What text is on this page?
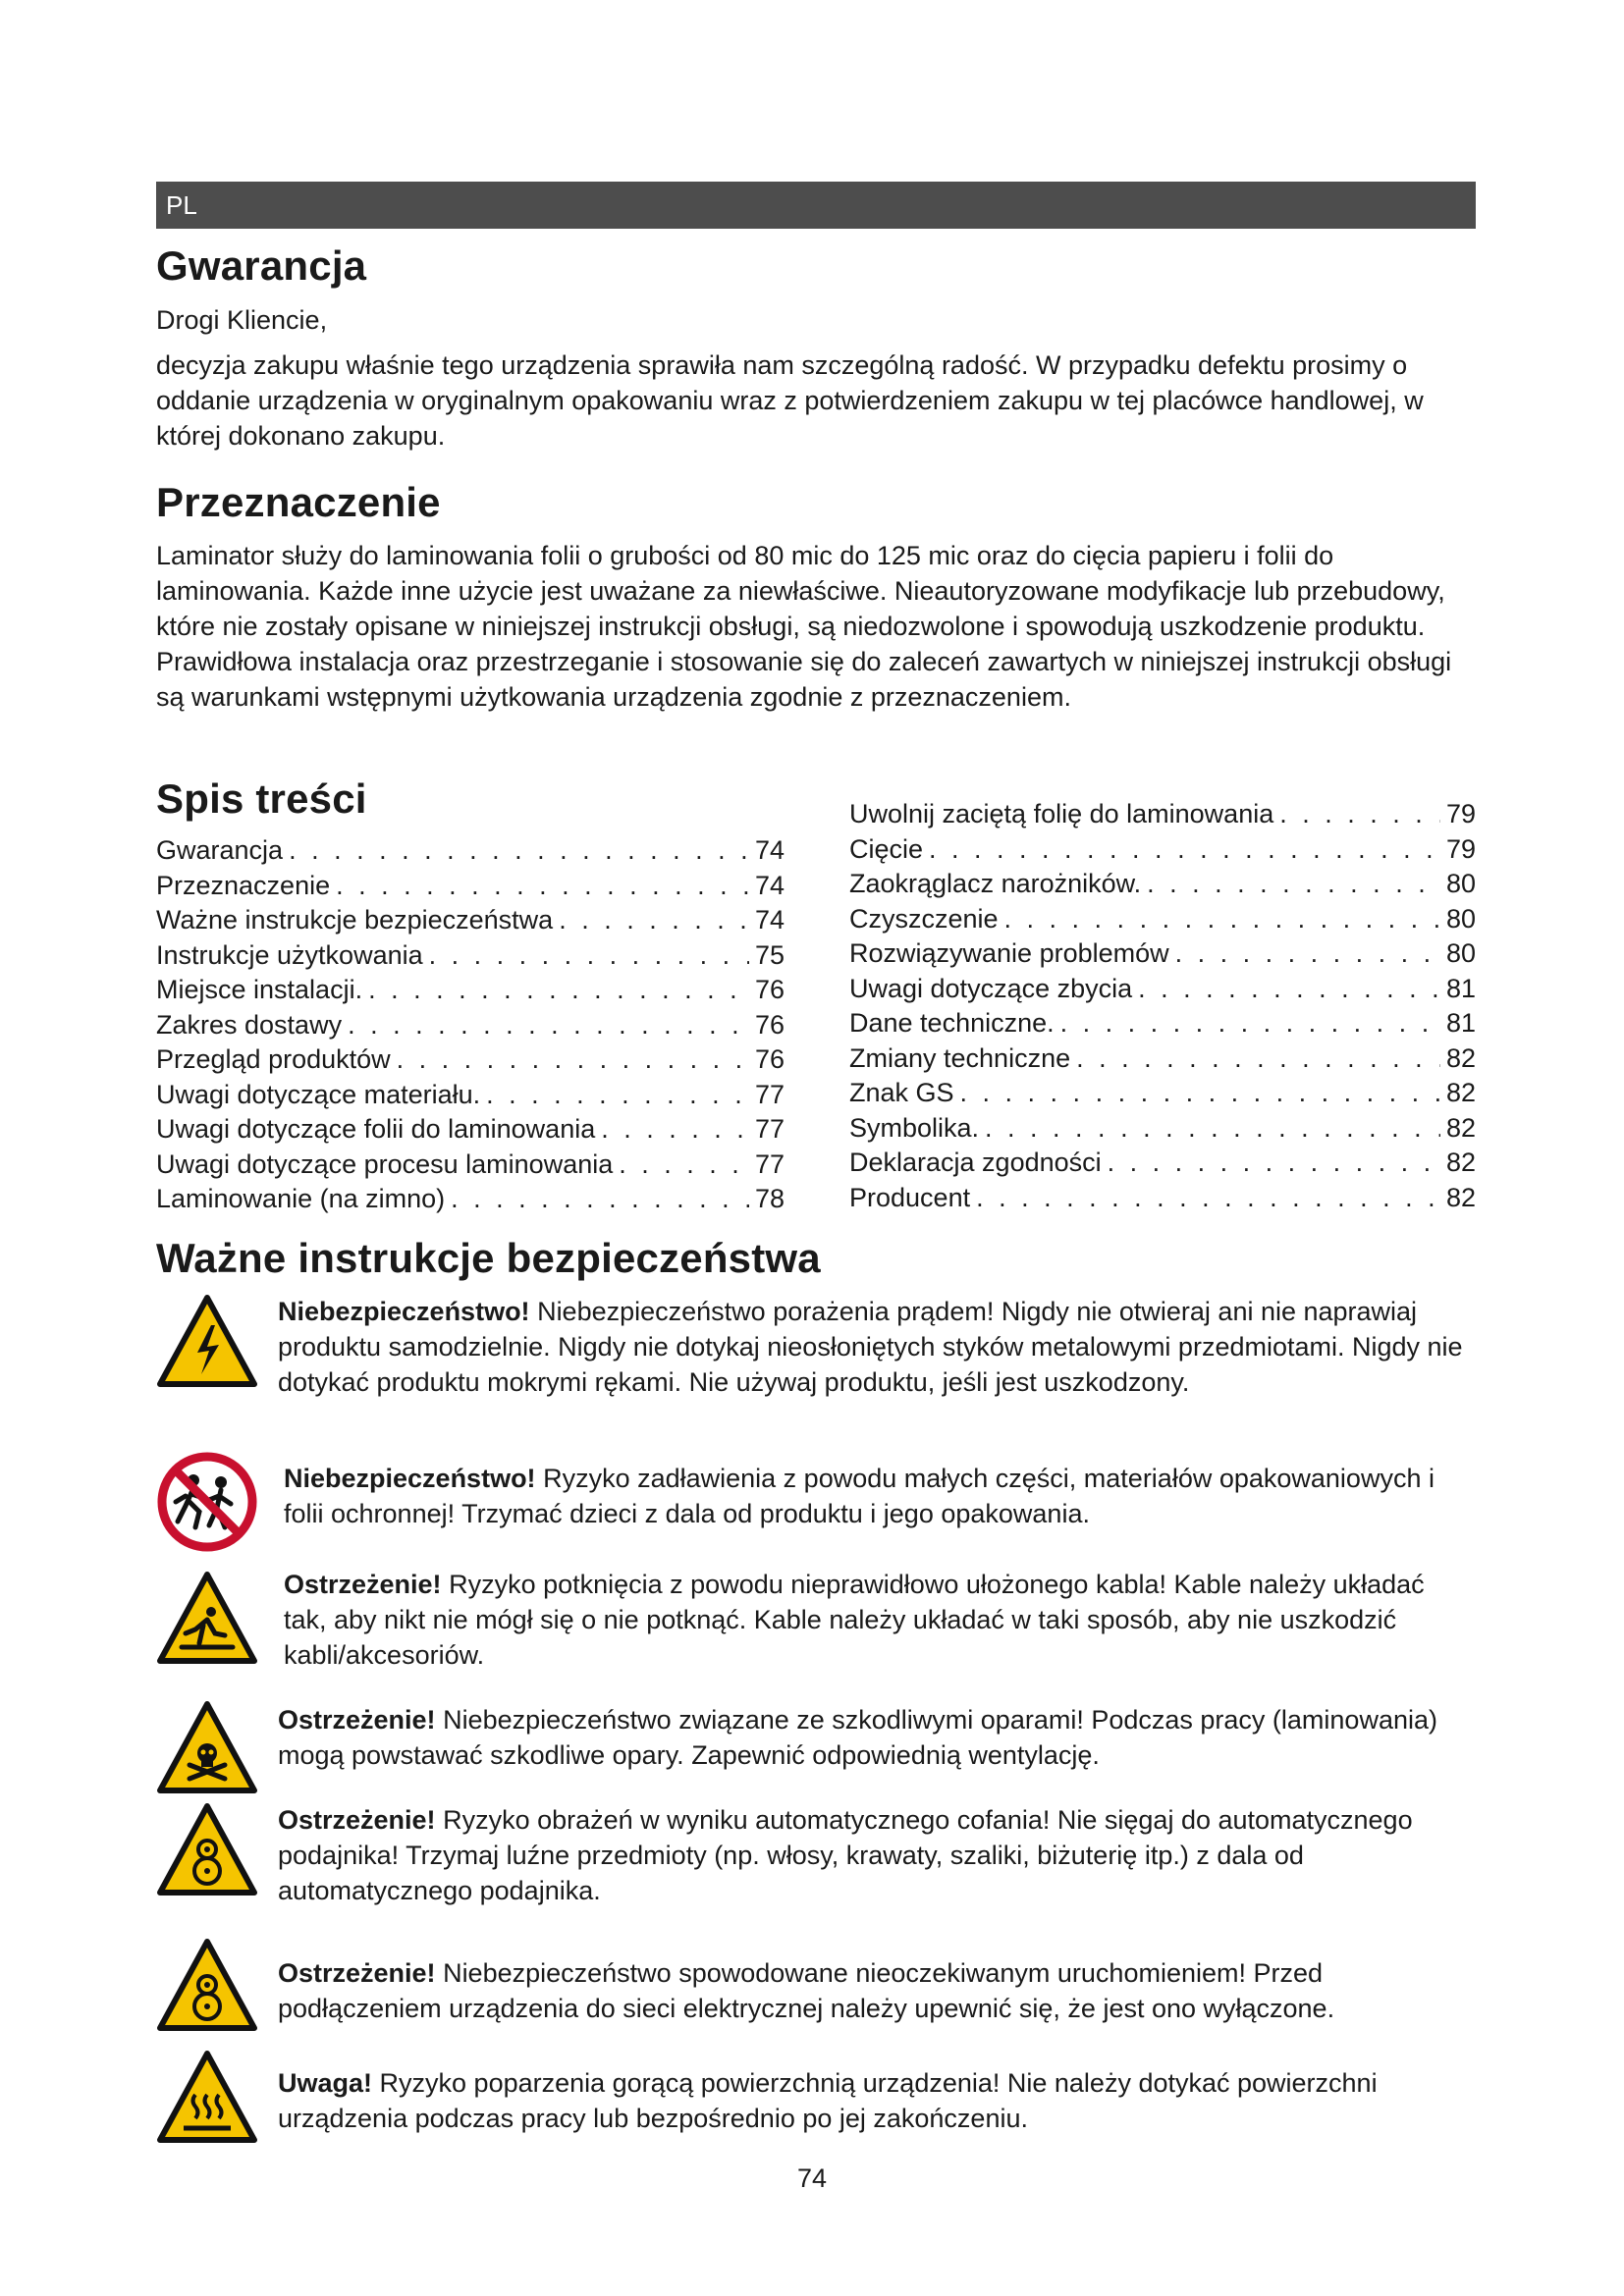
PL
Gwarancja

Drogi Kliencie,

decyzja zakupu właśnie tego urządzenia sprawiła nam szczególną radość. W przypadku defektu prosimy o oddanie urządzenia w oryginalnym opakowaniu wraz z potwierdzeniem zakupu w tej placówce handlowej, w której dokonano zakupu.

Przeznaczenie

Laminator służy do laminowania folii o grubości od 80 mic do 125 mic oraz do cięcia papieru i folii do laminowania. Każde inne użycie jest uważane za niewłaściwe. Nieautoryzowane modyfikacje lub przebudowy, które nie zostały opisane w niniejszej instrukcji obsługi, są niedozwolone i spowodują uszkodzenie produktu. Prawidłowa instalacja oraz przestrzeganie i stosowanie się do zaleceń zawartych w niniejszej instrukcji obsługi są warunkami wstępnymi użytkowania urządzenia zgodnie z przeznaczeniem.

Spis treści
Gwarancja . . .	74
Przeznaczenie . . .	74
Ważne instrukcje bezpieczeństwa . . .	74
Instrukcje użytkowania . . .	75
Miejsce instalacji. . . .	76
Zakres dostawy . . .	76
Przegląd produktów . . .	76
Uwagi dotyczące materiału. . . .	77
Uwagi dotyczące folii do laminowania . . .	77
Uwagi dotyczące procesu laminowania . . .	77
Laminowanie (na zimno) . . .	78
Uwolnij zaciętą folię do laminowania . . .	79
Cięcie . . .	79
Zaokrąglacz narożników. . . .	80
Czyszczenie . . .	80
Rozwiązywanie problemów . . .	80
Uwagi dotyczące zbycia . . .	81
Dane techniczne. . . .	81
Zmiany techniczne . . .	82
Znak GS . . .	82
Symbolika. . . .	82
Deklaracja zgodności . . .	82
Producent . . .	82
Ważne instrukcje bezpieczeństwa

Niebezpieczeństwo! Niebezpieczeństwo porażenia prądem! Nigdy nie otwieraj ani nie naprawiaj produktu samodzielnie. Nigdy nie dotykaj nieosłoniętych styków metalowymi przedmiotami. Nigdy nie dotykać produktu mokrymi rękami. Nie używaj produktu, jeśli jest uszkodzony.

Niebezpieczeństwo! Ryzyko zadławienia z powodu małych części, materiałów opakowaniowych i folii ochronnej! Trzymać dzieci z dala od produktu i jego opakowania.

Ostrzeżenie! Ryzyko potknięcia z powodu nieprawidłowo ułożonego kabla! Kable należy układać tak, aby nikt nie mógł się o nie potknąć. Kable należy układać w taki sposób, aby nie uszkodzić kabli/akcesoriów.

Ostrzeżenie! Niebezpieczeństwo związane ze szkodliwymi oparami! Podczas pracy (laminowania) mogą powstawać szkodliwe opary. Zapewnić odpowiednią wentylację.

Ostrzeżenie! Ryzyko obrażeń w wyniku automatycznego cofania! Nie sięgaj do automatycznego podajnika! Trzymaj luźne przedmioty (np. włosy, krawaty, szaliki, biżuterię itp.) z dala od automatycznego podajnika.

Ostrzeżenie! Niebezpieczeństwo spowodowane nieoczekiwanym uruchomieniem! Przed podłączeniem urządzenia do sieci elektrycznej należy upewnić się, że jest ono wyłączone.

Uwaga! Ryzyko poparzenia gorącą powierzchnią urządzenia! Nie należy dotykać powierzchni urządzenia podczas pracy lub bezpośrednio po jej zakończeniu.

74
